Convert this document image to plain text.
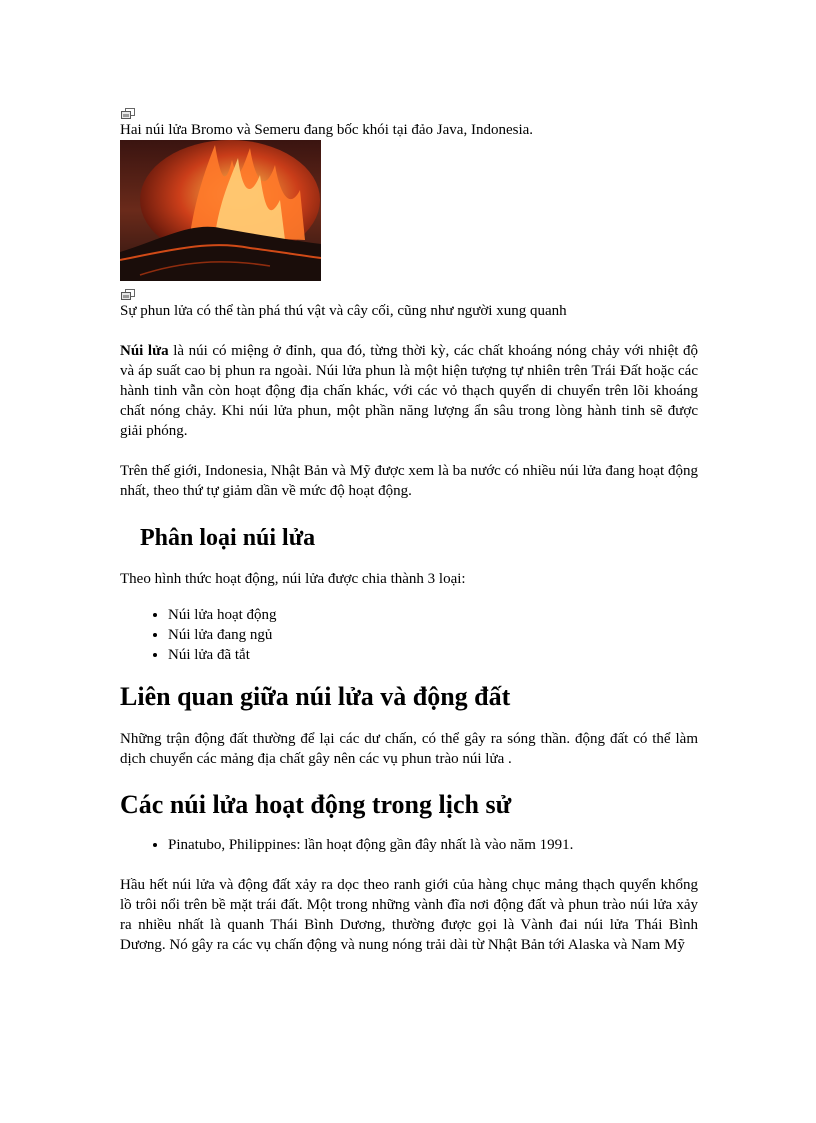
Hai núi lửa Bromo và Semeru đang bốc khói tại đảo Java, Indonesia.

Sự phun lửa có thể tàn phá thú vật và cây cối, cũng như người xung quanh

Núi lửa là núi có miệng ở đỉnh, qua đó, từng thời kỳ, các chất khoáng nóng chảy với nhiệt độ và áp suất cao bị phun ra ngoài. Núi lửa phun là một hiện tượng tự nhiên trên Trái Đất hoặc các hành tinh vẫn còn hoạt động địa chấn khác, với các vỏ thạch quyển di chuyển trên lõi khoáng chất nóng chảy. Khi núi lửa phun, một phần năng lượng ẩn sâu trong lòng hành tinh sẽ được giải phóng.

Trên thế giới, Indonesia, Nhật Bản và Mỹ được xem là ba nước có nhiều núi lửa đang hoạt động nhất, theo thứ tự giảm dần về mức độ hoạt động.

Phân loại núi lửa

Theo hình thức hoạt động, núi lửa được chia thành 3 loại:

• Núi lửa hoạt động
• Núi lửa đang ngủ
• Núi lửa đã tắt
Liên quan giữa núi lửa và động đất

Những trận động đất thường để lại các dư chấn, có thể gây ra sóng thần. động đất có thể làm dịch chuyển các mảng địa chất gây nên các vụ phun trào núi lửa .

Các núi lửa hoạt động trong lịch sử
• Pinatubo, Philippines: lần hoạt động gần đây nhất là vào năm 1991.

Hầu hết núi lửa và động đất xảy ra dọc theo ranh giới của hàng chục mảng thạch quyển khổng lồ trôi nổi trên bề mặt trái đất. Một trong những vành đĩa nơi động đất và phun trào núi lửa xảy ra nhiều nhất là quanh Thái Bình Dương, thường được gọi là Vành đai núi lửa Thái Bình Dương. Nó gây ra các vụ chấn động và nung nóng trải dài từ Nhật Bản tới Alaska và Nam Mỹ
